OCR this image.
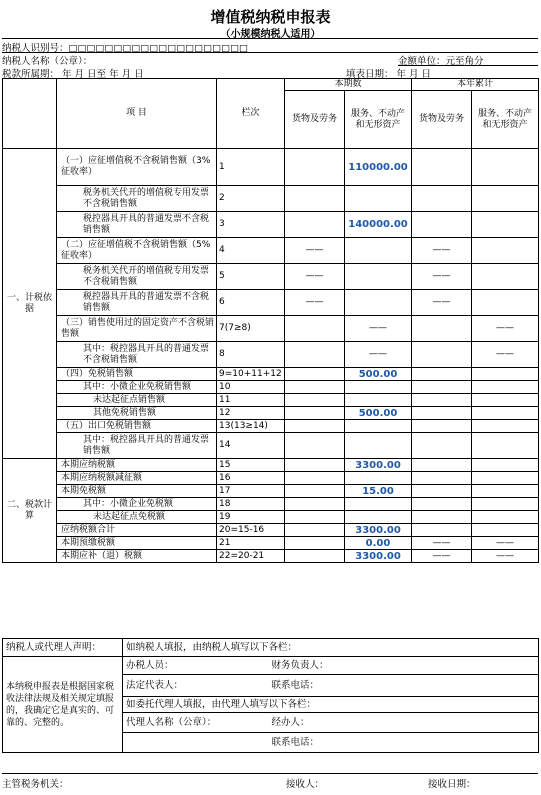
增值税纳税申报表
（小规模纳税人适用）
纳税人识别号：□□□□□□□□□□□□□□□□□□□□
纳税人名称（公章）：	金额单位：元至角分
税款所属期： 年 月 日至 年 月 日	填表日期： 年 月 日
	项 目	栏次	本期数		本年累计	
			货物及劳务	服务、不动产和无形资产	货物及劳务	服务、不动产和无形资产
一、计税依据	（一）应征增值税不含税销售额（3%征收率）	1		110000.00		
	税务机关代开的增值税专用发票不含税销售额	2				
	税控器具开具的普通发票不含税销售额	3		140000.00		
	（二）应征增值税不含税销售额（5%征收率）	4	——		——	
	税务机关代开的增值税专用发票不含税销售额	5	——		——	
	税控器具开具的普通发票不含税销售额	6	——		——	
	（三）销售使用过的固定资产不含税销售额	7(7≥8)		——		——
	其中：税控器具开具的普通发票不含税销售额	8		——		——
	（四）免税销售额	9=10+11+12		500.00		
	其中：小微企业免税销售额	10				
	未达起征点销售额	11				
	其他免税销售额	12		500.00		
	（五）出口免税销售额	13(13≥14)				
	其中：税控器具开具的普通发票销售额	14				
二、税款计算	本期应纳税额	15		3300.00		
	本期应纳税额减征额	16				
	本期免税额	17		15.00		
	其中：小微企业免税额	18				
	未达起征点免税额	19				
	应纳税额合计	20=15-16		3300.00		
	本期预缴税额	21		0.00	——	——
	本期应补（退）税额	22=20-21		3300.00	——	——
纳税人或代理人声明：	如纳税人填报，由纳税人填写以下各栏：	
本纳税申报表是根据国家税收法律法规及相关规定填报的，我确定它是真实的、可靠的、完整的。	办税人员：	财务负责人：
	法定代表人：	联系电话：
	如委托代理人填报，由代理人填写以下各栏：	
	代理人名称（公章）：	经办人：
		联系电话：
主管税务机关：	接收人：	接收日期：
